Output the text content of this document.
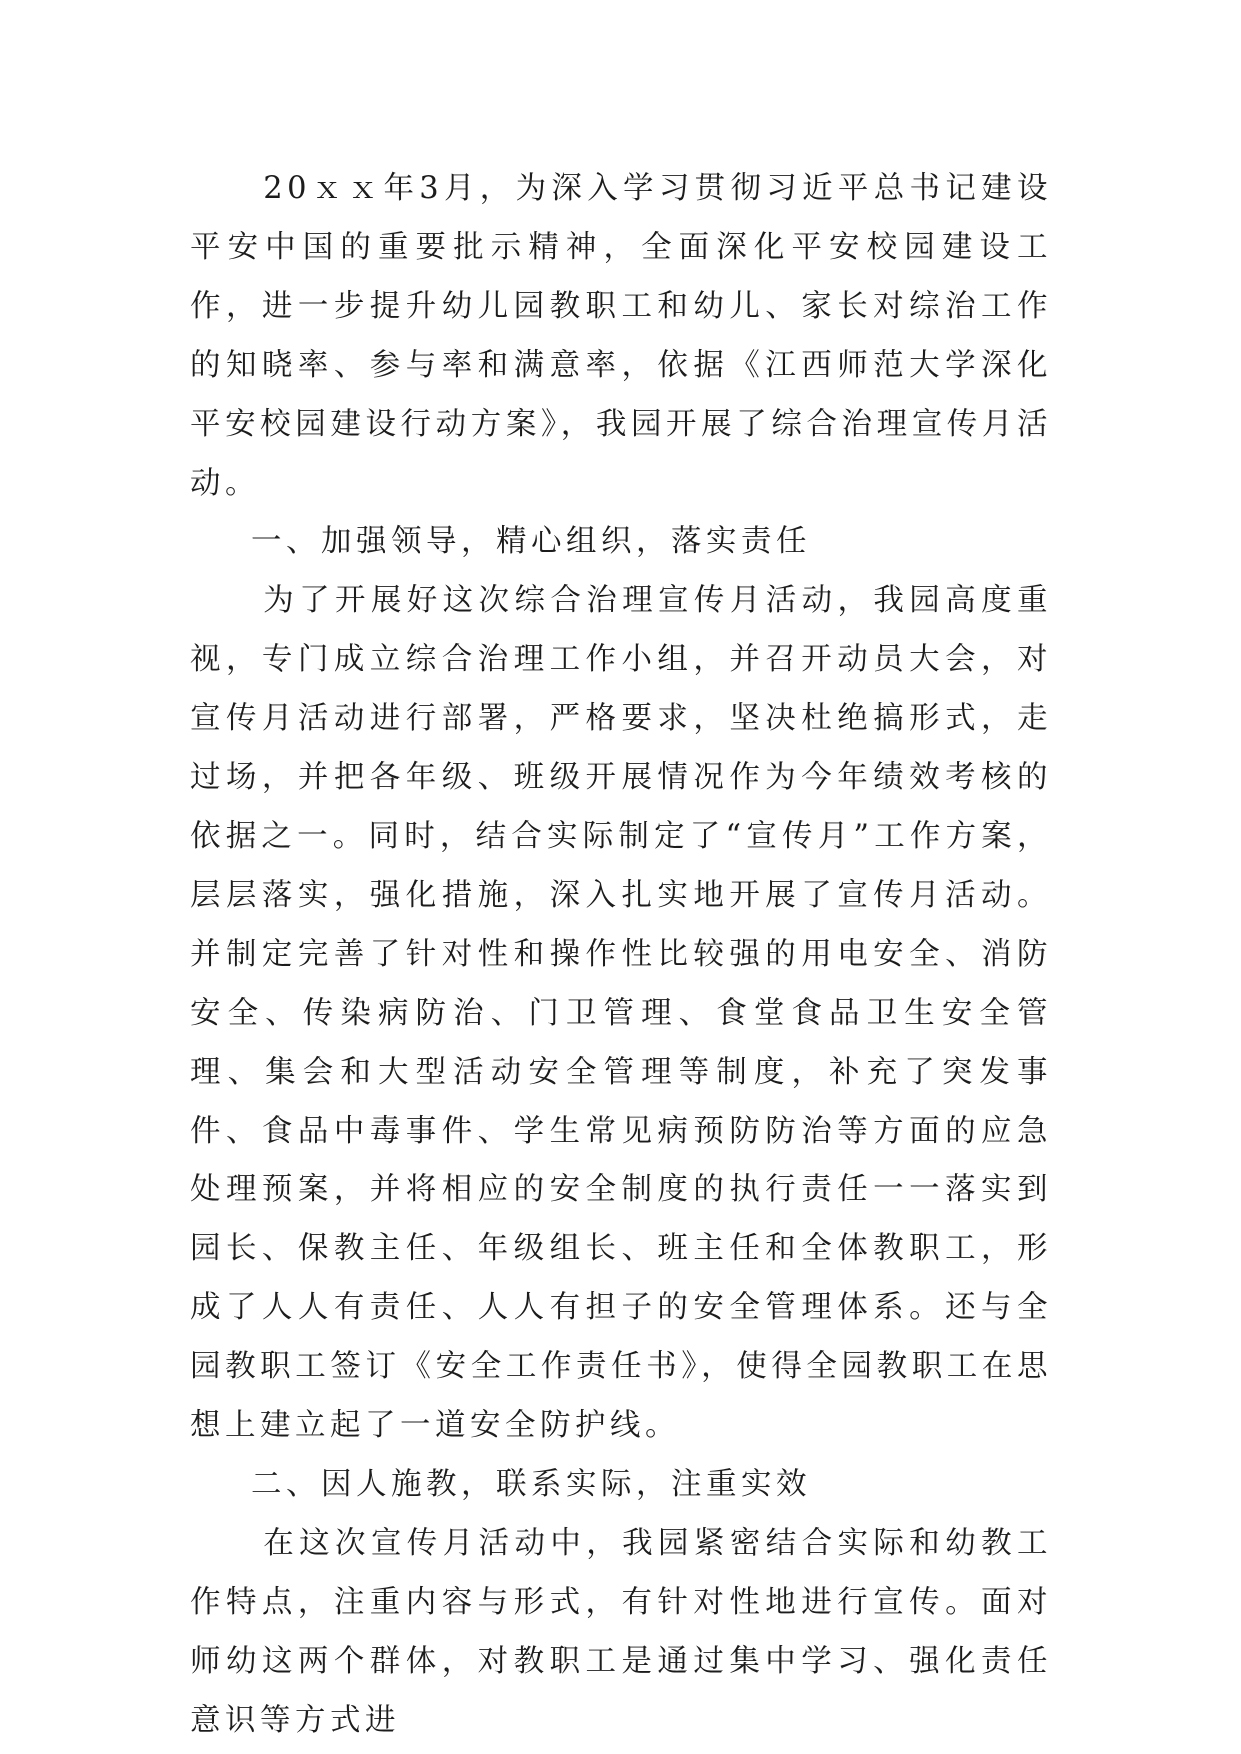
20ｘｘ年3月，为深入学习贯彻习近平总书记建设平安中国的重要批示精神，全面深化平安校园建设工作，进一步提升幼儿园教职工和幼儿、家长对综治工作的知晓率、参与率和满意率，依据《江西师范大学深化平安校园建设行动方案》，我园开展了综合治理宣传月活动。

一、加强领导，精心组织，落实责任

为了开展好这次综合治理宣传月活动，我园高度重视，专门成立综合治理工作小组，并召开动员大会，对宣传月活动进行部署，严格要求，坚决杜绝搞形式，走过场，并把各年级、班级开展情况作为今年绩效考核的依据之一。同时，结合实际制定了“宣传月”工作方案，层层落实，强化措施，深入扎实地开展了宣传月活动。并制定完善了针对性和操作性比较强的用电安全、消防安全、传染病防治、门卫管理、食堂食品卫生安全管理、集会和大型活动安全管理等制度，补充了突发事件、食品中毒事件、学生常见病预防防治等方面的应急处理预案，并将相应的安全制度的执行责任一一落实到园长、保教主任、年级组长、班主任和全体教职工，形成了人人有责任、人人有担子的安全管理体系。还与全园教职工签订《安全工作责任书》，使得全园教职工在思想上建立起了一道安全防护线。

二、因人施教，联系实际，注重实效

在这次宣传月活动中，我园紧密结合实际和幼教工作特点，注重内容与形式，有针对性地进行宣传。面对师幼这两个群体，对教职工是通过集中学习、强化责任意识等方式进
